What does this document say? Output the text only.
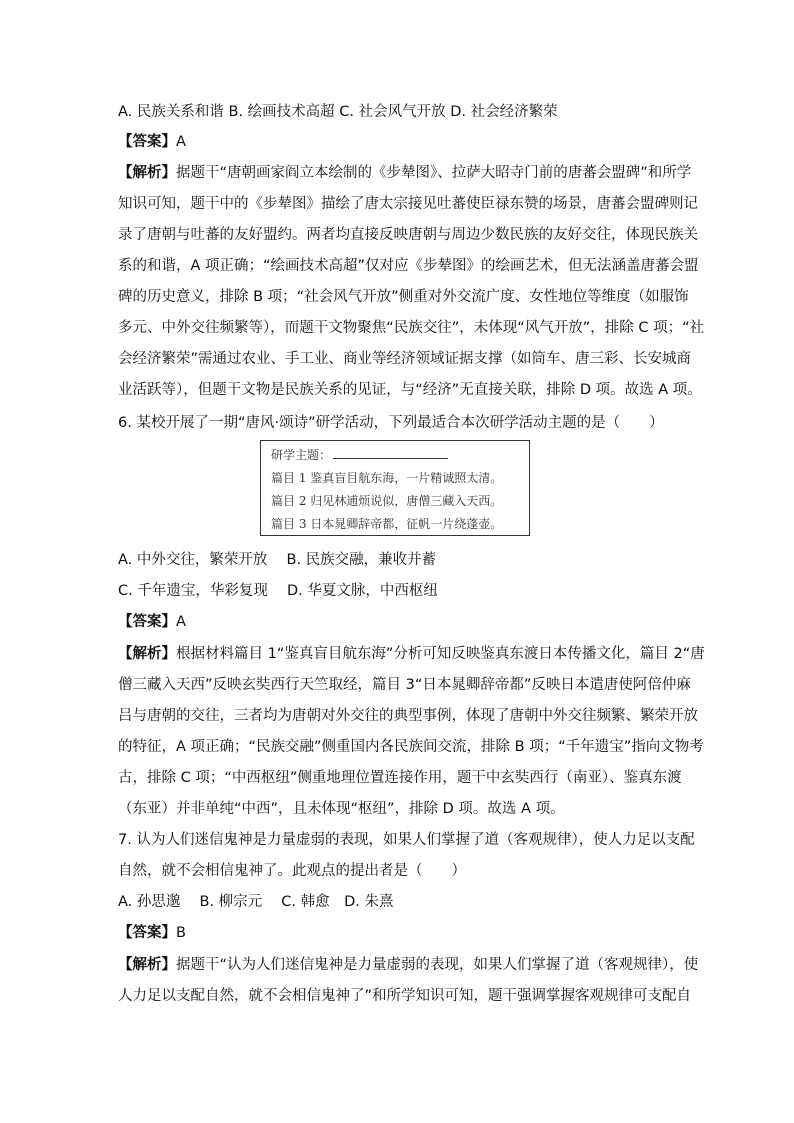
A. 民族关系和谐 B. 绘画技术高超 C. 社会风气开放 D. 社会经济繁荣
【答案】A
【解析】据题干“唐朝画家阎立本绘制的《步辇图》、拉萨大昭寺门前的唐蕃会盟碑”和所学
知识可知，题干中的《步辇图》描绘了唐太宗接见吐蕃使臣禄东赞的场景，唐蕃会盟碑则记
录了唐朝与吐蕃的友好盟约。两者均直接反映唐朝与周边少数民族的友好交往，体现民族关
系的和谐，A 项正确；“绘画技术高超”仅对应《步辇图》的绘画艺术，但无法涵盖唐蕃会盟
碑的历史意义，排除 B 项；“社会风气开放”侧重对外交流广度、女性地位等维度（如服饰
多元、中外交往频繁等），而题干文物聚焦“民族交往”，未体现“风气开放”，排除 C 项；“社
会经济繁荣”需通过农业、手工业、商业等经济领域证据支撑（如筒车、唐三彩、长安城商
业活跃等），但题干文物是民族关系的见证，与“经济”无直接关联，排除 D 项。故选 A 项。
6. 某校开展了一期“唐风·颂诗”研学活动，下列最适合本次研学活动主题的是（　　）
研学主题：
篇目 1 鉴真盲目航东海，一片精诚照太清。
篇目 2 归见林逋烦说似，唐僧三藏入天西。
篇目 3 日本晁卿辞帝都，征帆一片绕蓬壶。
A. 中外交往，繁荣开放　 B. 民族交融，兼收并蓄
C. 千年遗宝，华彩复现　 D. 华夏文脉，中西枢纽
【答案】A
【解析】根据材料篇目 1“鉴真盲目航东海”分析可知反映鉴真东渡日本传播文化，篇目 2“唐
僧三藏入天西”反映玄奘西行天竺取经，篇目 3“日本晁卿辞帝都”反映日本遣唐使阿倍仲麻
吕与唐朝的交往，三者均为唐朝对外交往的典型事例，体现了唐朝中外交往频繁、繁荣开放
的特征，A 项正确；“民族交融”侧重国内各民族间交流，排除 B 项；“千年遗宝”指向文物考
古，排除 C 项；“中西枢纽”侧重地理位置连接作用，题干中玄奘西行（南亚）、鉴真东渡
（东亚）并非单纯“中西”，且未体现“枢纽”，排除 D 项。故选 A 项。
7. 认为人们迷信鬼神是力量虚弱的表现，如果人们掌握了道（客观规律），使人力足以支配
自然，就不会相信鬼神了。此观点的提出者是（　　）
A. 孙思邈　 B. 柳宗元　 C. 韩愈　D. 朱熹
【答案】B
【解析】据题干“认为人们迷信鬼神是力量虚弱的表现，如果人们掌握了道（客观规律），使
人力足以支配自然，就不会相信鬼神了”和所学知识可知，题干强调掌握客观规律可支配自
